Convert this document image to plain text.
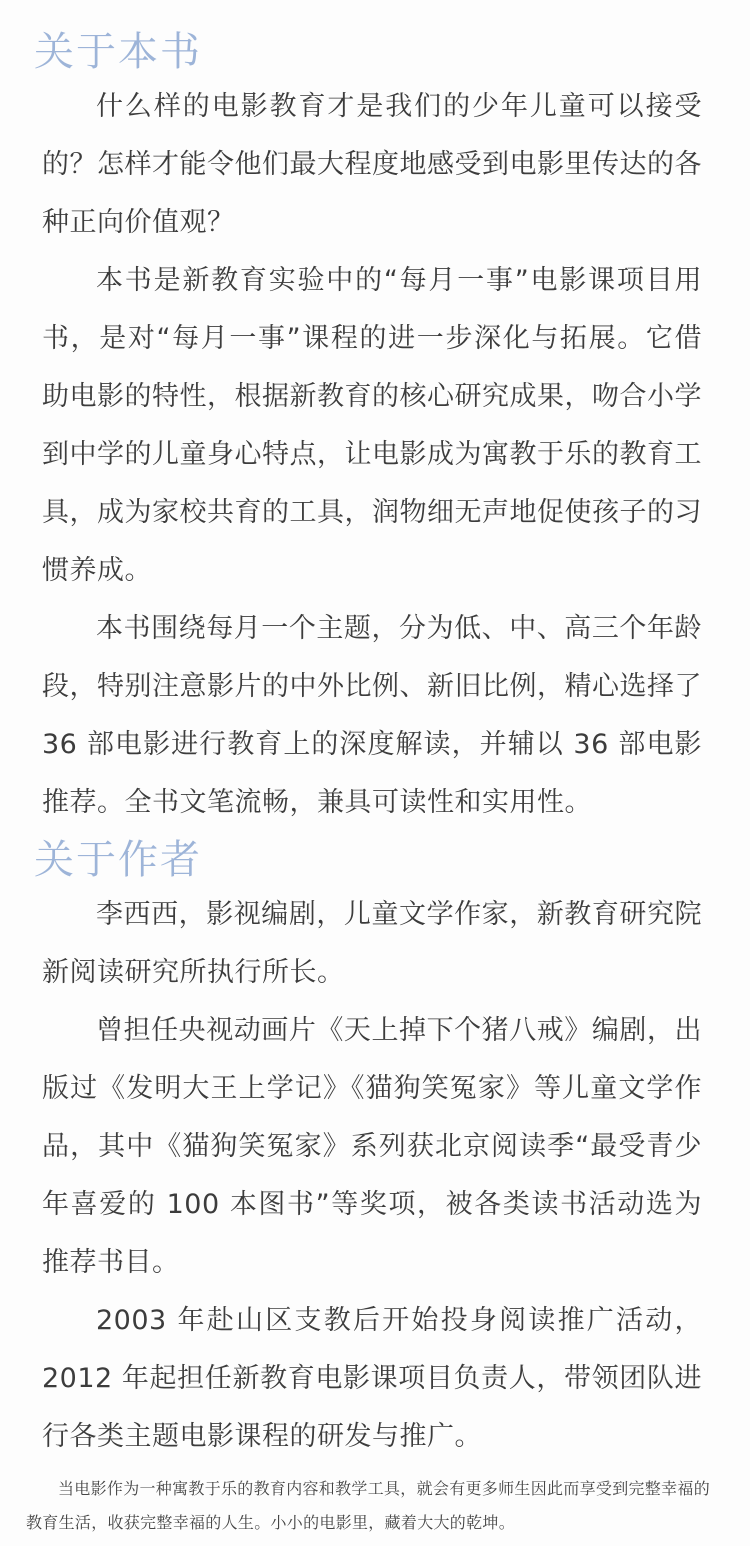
关于本书

什么样的电影教育才是我们的少年儿童可以接受的？怎样才能令他们最大程度地感受到电影里传达的各种正向价值观？

本书是新教育实验中的“每月一事”电影课项目用书，是对“每月一事”课程的进一步深化与拓展。它借助电影的特性，根据新教育的核心研究成果，吻合小学到中学的儿童身心特点，让电影成为寓教于乐的教育工具，成为家校共育的工具，润物细无声地促使孩子的习惯养成。

本书围绕每月一个主题，分为低、中、高三个年龄段，特别注意影片的中外比例、新旧比例，精心选择了 36 部电影进行教育上的深度解读，并辅以 36 部电影推荐。全书文笔流畅，兼具可读性和实用性。

关于作者

李西西，影视编剧，儿童文学作家，新教育研究院新阅读研究所执行所长。

曾担任央视动画片《天上掉下个猪八戒》编剧，出版过《发明大王上学记》《猫狗笑冤家》等儿童文学作品，其中《猫狗笑冤家》系列获北京阅读季“最受青少年喜爱的 100 本图书”等奖项，被各类读书活动选为推荐书目。

2003 年赴山区支教后开始投身阅读推广活动，2012 年起担任新教育电影课项目负责人，带领团队进行各类主题电影课程的研发与推广。

当电影作为一种寓教于乐的教育内容和教学工具，就会有更多师生因此而享受到完整幸福的教育生活，收获完整幸福的人生。小小的电影里，藏着大大的乾坤。
